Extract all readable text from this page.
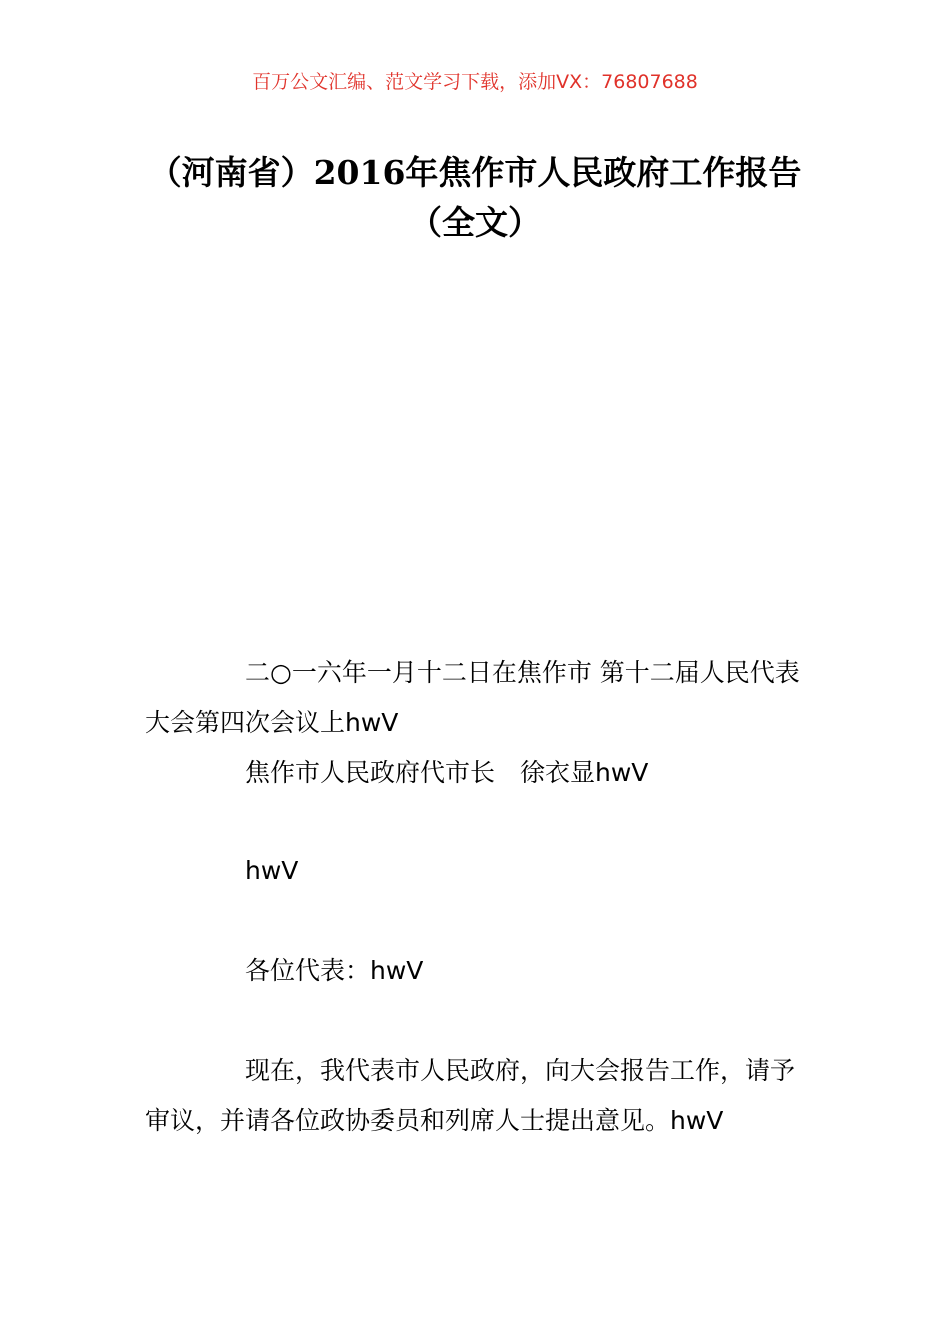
百万公文汇编、范文学习下载，添加VX：76807688
（河南省）2016年焦作市人民政府工作报告（全文）

二○一六年一月十二日在焦作市 第十二届人民代表大会第四次会议上hwV

焦作市人民政府代市长　徐衣显hwV

hwV

各位代表：hwV

现在，我代表市人民政府，向大会报告工作，请予审议，并请各位政协委员和列席人士提出意见。hwV
